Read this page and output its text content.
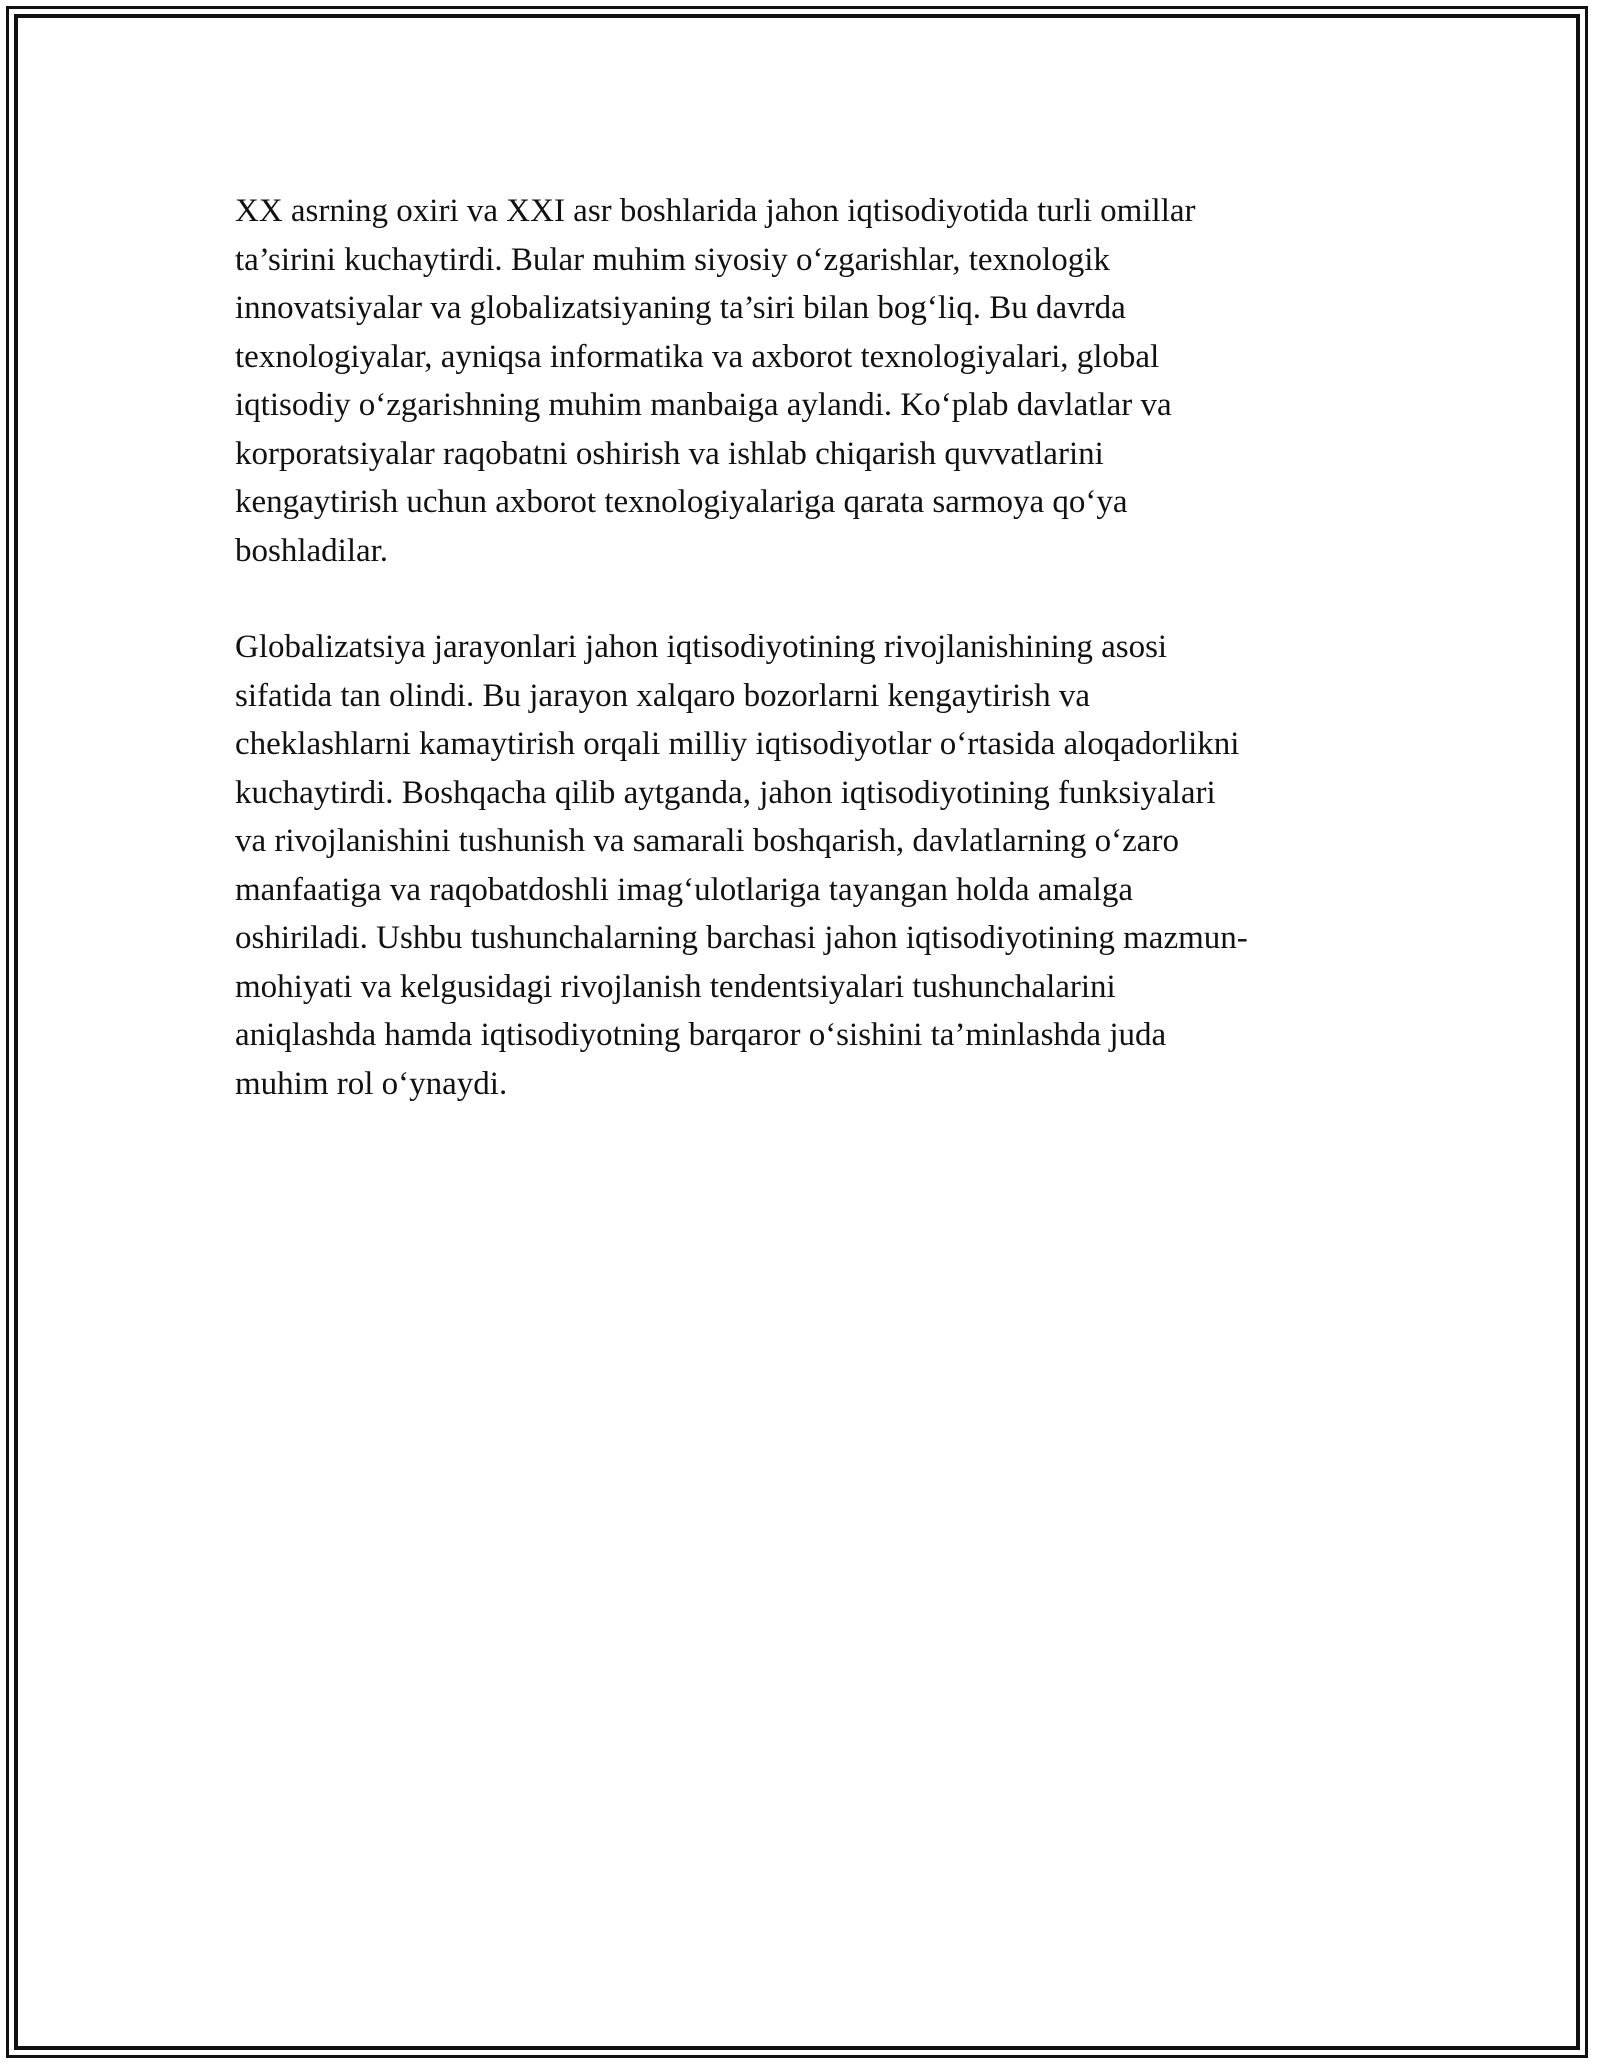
XX asrning oxiri va XXI asr boshlarida jahon iqtisodiyotida turli omillar
ta’sirini kuchaytirdi. Bular muhim siyosiy o‘zgarishlar, texnologik
innovatsiyalar va globalizatsiyaning ta’siri bilan bog‘liq. Bu davrda
texnologiyalar, ayniqsa informatika va axborot texnologiyalari, global
iqtisodiy o‘zgarishning muhim manbaiga aylandi. Ko‘plab davlatlar va
korporatsiyalar raqobatni oshirish va ishlab chiqarish quvvatlarini
kengaytirish uchun axborot texnologiyalariga qarata sarmoya qo‘ya
boshladilar.

Globalizatsiya jarayonlari jahon iqtisodiyotining rivojlanishining asosi
sifatida tan olindi. Bu jarayon xalqaro bozorlarni kengaytirish va
cheklashlarni kamaytirish orqali milliy iqtisodiyotlar o‘rtasida aloqadorlikni
kuchaytirdi. Boshqacha qilib aytganda, jahon iqtisodiyotining funksiyalari
va rivojlanishini tushunish va samarali boshqarish, davlatlarning o‘zaro
manfaatiga va raqobatdoshli imag‘ulotlariga tayangan holda amalga
oshiriladi. Ushbu tushunchalarning barchasi jahon iqtisodiyotining mazmun-
mohiyati va kelgusidagi rivojlanish tendentsiyalari tushunchalarini
aniqlashda hamda iqtisodiyotning barqaror o‘sishini ta’minlashda juda
muhim rol o‘ynaydi.
